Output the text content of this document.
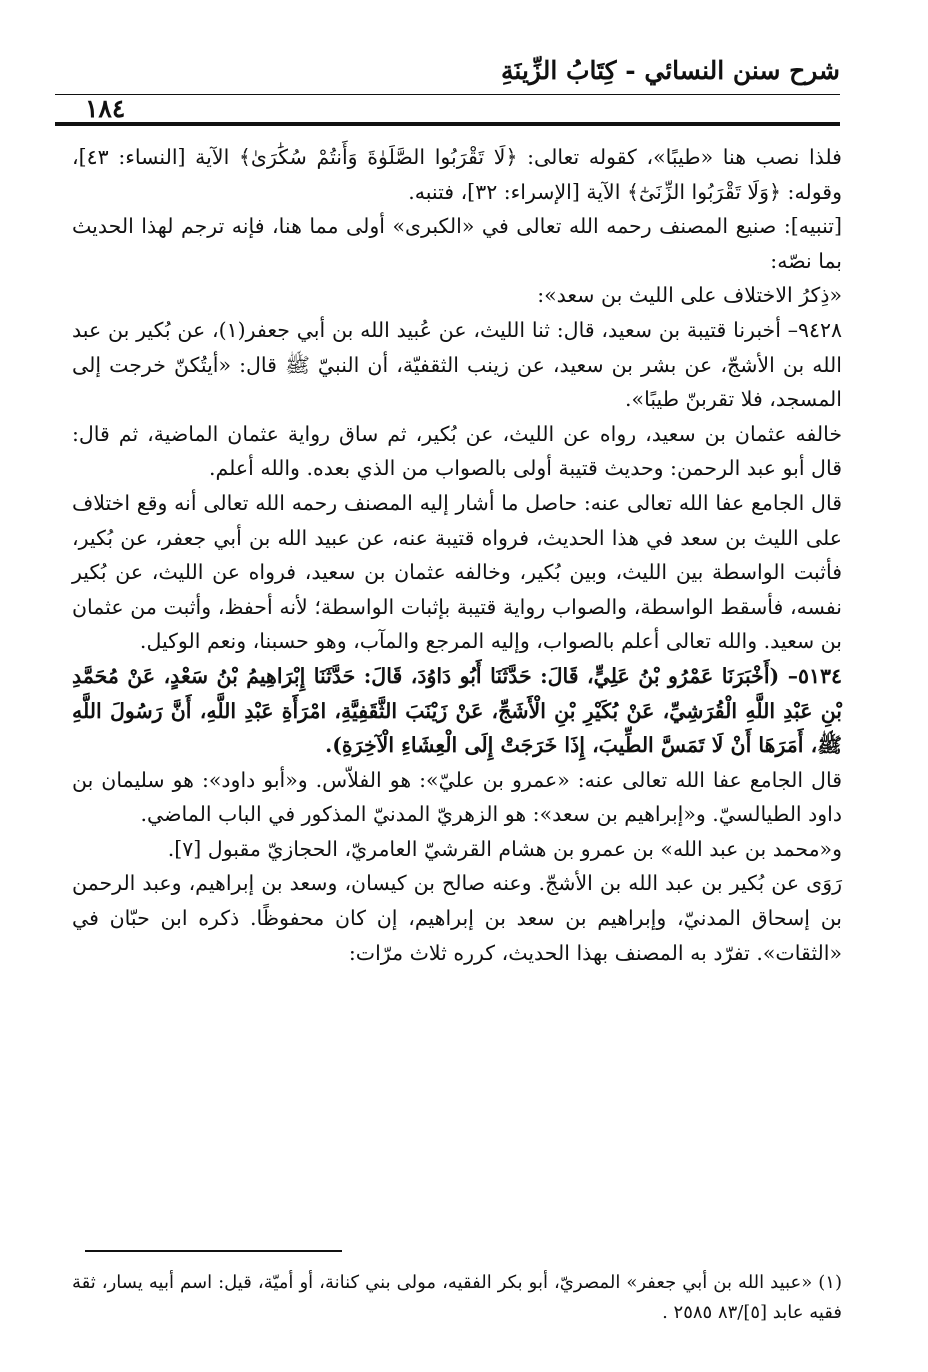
شرح سنن النسائي - كِتَابُ الزِّينَةِ
١٨٤

فلذا نصب هنا «طيبًا»، كقوله تعالى: ﴿لَا تَقْرَبُوا الصَّلَوٰةَ وَأَنتُمْ سُكَٰرَىٰ﴾ الآية [النساء: ٤٣]، وقوله: ﴿وَلَا تَقْرَبُوا الزِّنَىٰٓ﴾ الآية [الإسراء: ٣٢]، فتنبه.

[تنبيه]: صنيع المصنف رحمه الله تعالى في «الكبرى» أولى مما هنا، فإنه ترجم لهذا الحديث بما نصّه:

«ذِكرُ الاختلاف على الليث بن سعد»:

٩٤٢٨– أخبرنا قتيبة بن سعيد، قال: ثنا الليث، عن عُبيد الله بن أبي جعفر(١)، عن بُكير بن عبد الله بن الأشجّ، عن بشر بن سعيد، عن زينب الثقفيّة، أن النبيّ ﷺ قال: «أيتُكنّ خرجت إلى المسجد، فلا تقربنّ طيبًا».

خالفه عثمان بن سعيد، رواه عن الليث، عن بُكير، ثم ساق رواية عثمان الماضية، ثم قال: قال أبو عبد الرحمن: وحديث قتيبة أولى بالصواب من الذي بعده. والله أعلم.

قال الجامع عفا الله تعالى عنه: حاصل ما أشار إليه المصنف رحمه الله تعالى أنه وقع اختلاف على الليث بن سعد في هذا الحديث، فرواه قتيبة عنه، عن عبيد الله بن أبي جعفر، عن بُكير، فأثبت الواسطة بين الليث، وبين بُكير، وخالفه عثمان بن سعيد، فرواه عن الليث، عن بُكير نفسه، فأسقط الواسطة، والصواب رواية قتيبة بإثبات الواسطة؛ لأنه أحفظ، وأثبت من عثمان بن سعيد. والله تعالى أعلم بالصواب، وإليه المرجع والمآب، وهو حسبنا، ونعم الوكيل.

٥١٣٤– (أَخْبَرَنَا عَمْرُو بْنُ عَلِيٍّ، قَالَ: حَدَّثَنَا أَبُو دَاوُدَ، قَالَ: حَدَّثَنَا إِبْرَاهِيمُ بْنُ سَعْدٍ، عَنْ مُحَمَّدِ بْنِ عَبْدِ اللَّهِ الْقُرَشِيِّ، عَنْ بُكَيْرِ بْنِ الْأَشَجِّ، عَنْ زَيْنَبَ الثَّقَفِيَّةِ، امْرَأَةِ عَبْدِ اللَّهِ، أَنَّ رَسُولَ اللَّهِ ﷺ، أَمَرَهَا أَنْ لَا تَمَسَّ الطِّيبَ، إِذَا خَرَجَتْ إِلَى الْعِشَاءِ الْآخِرَةِ).

قال الجامع عفا الله تعالى عنه: «عمرو بن عليّ»: هو الفلاّس. و«أبو داود»: هو سليمان بن داود الطيالسيّ. و«إبراهيم بن سعد»: هو الزهريّ المدنيّ المذكور في الباب الماضي.

و«محمد بن عبد الله» بن عمرو بن هشام القرشيّ العامريّ، الحجازيّ مقبول [٧].

رَوَى عن بُكير بن عبد الله بن الأشجّ. وعنه صالح بن كيسان، وسعد بن إبراهيم، وعبد الرحمن بن إسحاق المدنيّ، وإبراهيم بن سعد بن إبراهيم، إن كان محفوظًا. ذكره ابن حبّان في «الثقات». تفرّد به المصنف بهذا الحديث، كرره ثلاث مرّات:

(١) «عبيد الله بن أبي جعفر» المصريّ، أبو بكر الفقيه، مولى بني كنانة، أو أميّة، قيل: اسم أبيه يسار، ثقة فقيه عابد [٥]/٨٣ ٢٥٨٥ .
